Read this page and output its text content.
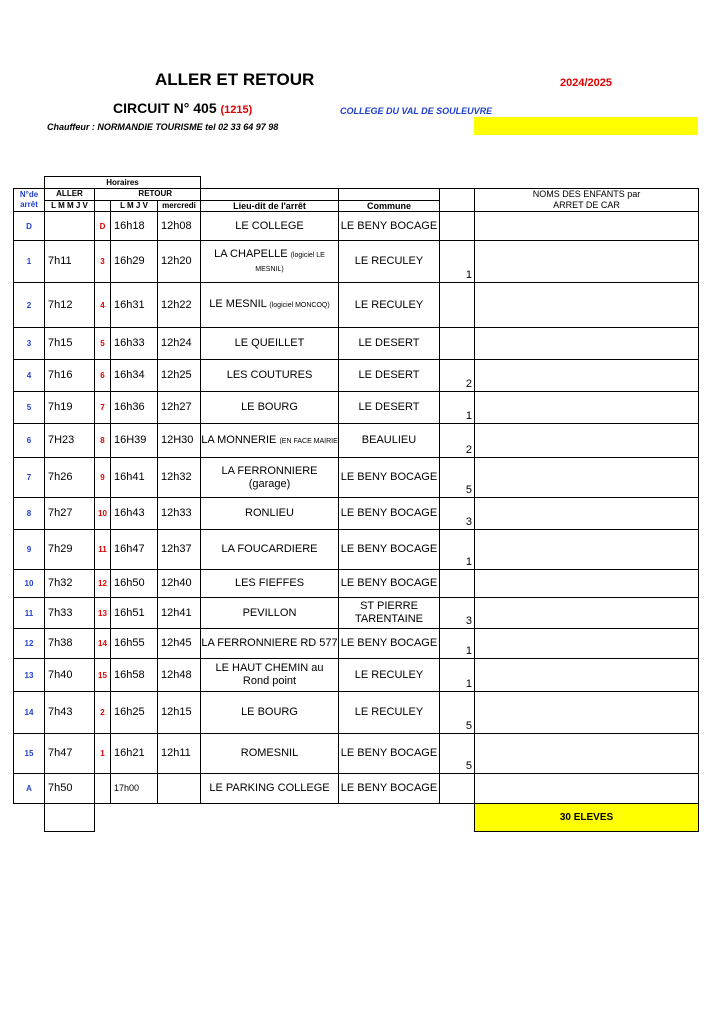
ALLER ET RETOUR	2024/2025
CIRCUIT N° 405 (1215)	COLLEGE DU VAL DE SOULEUVRE
Chauffeur : NORMANDIE TOURISME tel 02 33 64 97 98
	Horaires							
N°de
arrêt	ALLER		RETOUR					NOMS DES ENFANTS par
ARRET DE CAR
	L M M J V		L M J V	mercredi	Lieu-dit de l'arrêt	Commune		
D		D	16h18	12h08	LE COLLEGE	LE BENY BOCAGE		
1	7h11	3	16h29	12h20	LA CHAPELLE (logiciel LE MESNIL)	LE RECULEY	1	
2	7h12	4	16h31	12h22	LE MESNIL (logiciel MONCOQ)	LE RECULEY		
3	7h15	5	16h33	12h24	LE QUEILLET	LE DESERT		
4	7h16	6	16h34	12h25	LES COUTURES	LE DESERT	2	
5	7h19	7	16h36	12h27	LE BOURG	LE DESERT	1	
6	7H23	8	16H39	12H30	LA MONNERIE (EN FACE MAIRIE	BEAULIEU	2	
7	7h26	9	16h41	12h32	LA FERRONNIERE (garage)	LE BENY BOCAGE	5	
8	7h27	10	16h43	12h33	RONLIEU	LE BENY BOCAGE	3	
9	7h29	11	16h47	12h37	LA FOUCARDIERE	LE BENY BOCAGE	1	
10	7h32	12	16h50	12h40	LES FIEFFES	LE BENY BOCAGE		
11	7h33	13	16h51	12h41	PEVILLON	ST PIERRE TARENTAINE	3	
12	7h38	14	16h55	12h45	LA FERRONNIERE RD 577	LE BENY BOCAGE	1	
13	7h40	15	16h58	12h48	LE HAUT CHEMIN au Rond point	LE RECULEY	1	
14	7h43	2	16h25	12h15	LE BOURG	LE RECULEY	5	
15	7h47	1	16h21	12h11	ROMESNIL	LE BENY BOCAGE	5	
A	7h50		17h00		LE PARKING COLLEGE	LE BENY BOCAGE		
								30 ELEVES
